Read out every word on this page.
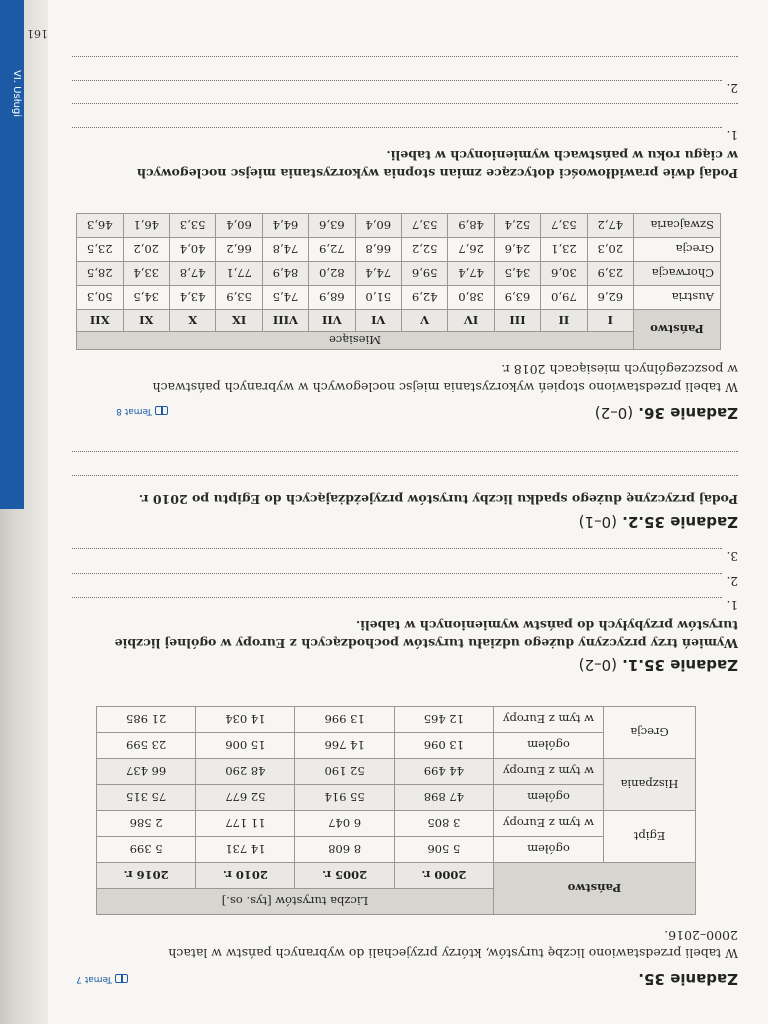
VI. Usługi
161
Zadanie 35.
Temat 7
W tabeli przedstawiono liczbę turystów, którzy przyjechali do wybranych państw w latach
2000–2016.
Państwo		Liczba turystów [tys. os.]			
		2000 r.	2005 r.	2010 r.	2016 r.
Egipt	ogółem	5 506	8 608	14 731	5 399
	w tym z Europy	3 805	6 047	11 177	2 586
Hiszpania	ogółem	47 898	55 914	52 677	75 315
	w tym z Europy	44 499	52 190	48 290	66 437
Grecja	ogółem	13 096	14 766	15 006	23 599
	w tym z Europy	12 465	13 996	14 034	21 985
Zadanie 35.1. (0–2)
Wymień trzy przyczyny dużego udziału turystów pochodzących z Europy w ogólnej liczbie
turystów przybyłych do państw wymienionych w tabeli.
1.
2.
3.
Zadanie 35.2. (0–1)
Podaj przyczynę dużego spadku liczby turystów przyjeżdżających do Egiptu po 2010 r.
Zadanie 36. (0–2)
Temat 8
W tabeli przedstawiono stopień wykorzystania miejsc noclegowych w wybranych państwach
w poszczególnych miesiącach 2018 r.
Państwo	Miesiące											
	I	II	III	IV	V	VI	VII	VIII	IX	X	XI	XII
Austria	62,6	79,0	63,9	38,0	42,9	51,0	68,9	74,5	53,9	43,4	34,5	50,3
Chorwacja	23,9	30,6	34,5	47,4	59,6	74,4	82,0	84,9	77,1	47,8	33,4	28,5
Grecja	20,3	23,1	24,6	26,7	52,2	66,8	72,9	74,8	66,2	40,4	20,2	23,5
Szwajcaria	47,2	53,7	52,4	48,9	53,7	60,4	63,6	64,4	60,4	53,3	46,1	46,3
Podaj dwie prawidłowości dotyczące zmian stopnia wykorzystania miejsc noclegowych
w ciągu roku w państwach wymienionych w tabeli.
1.
2.
